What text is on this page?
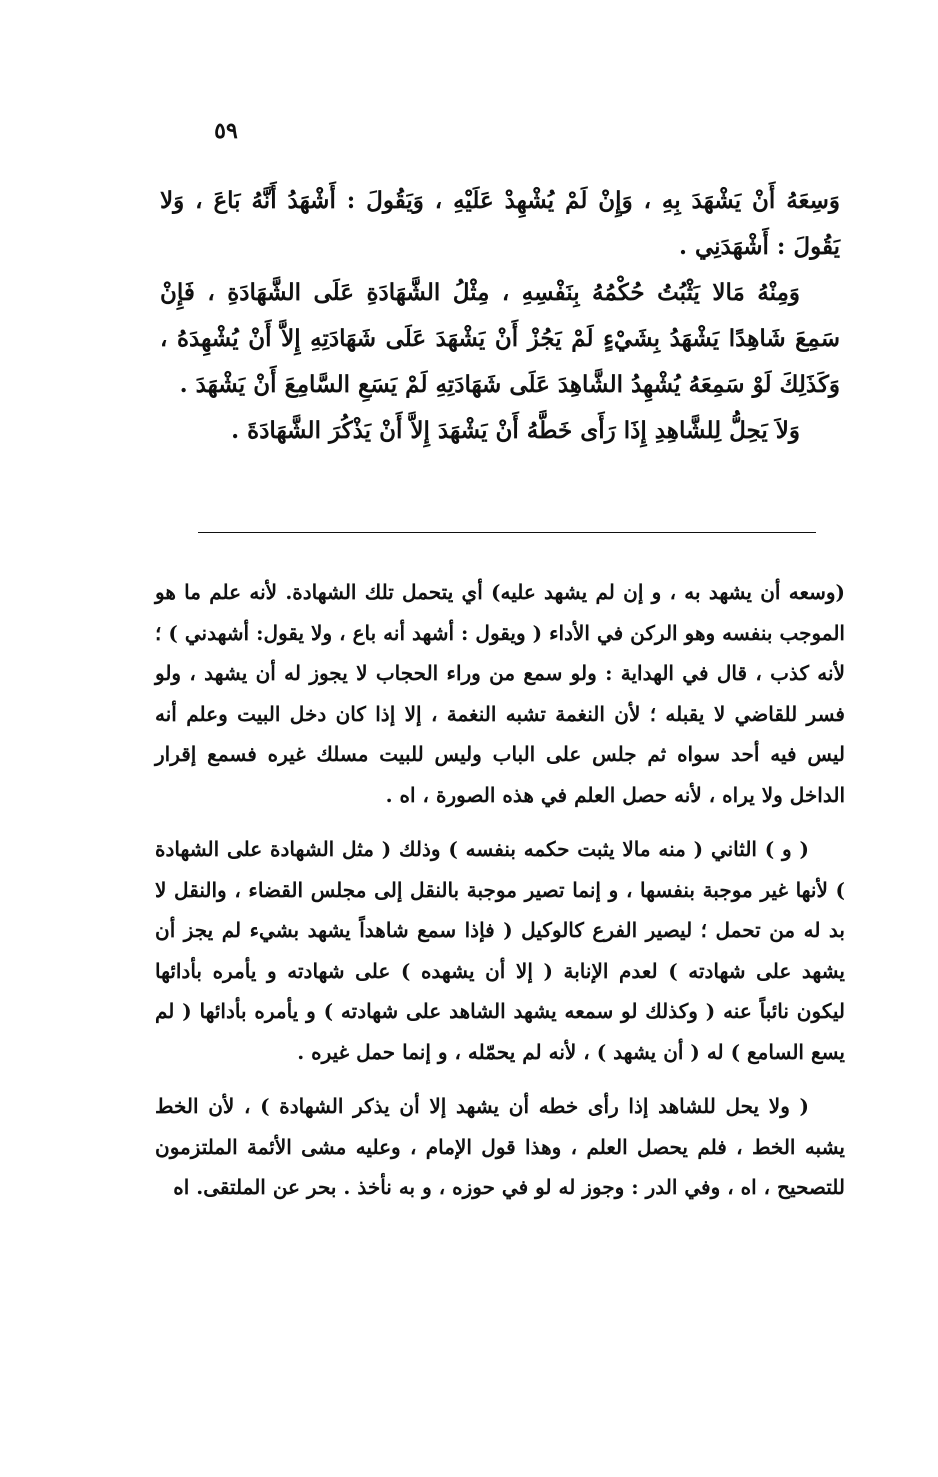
٥٩

وَسِعَهُ أَنْ يَشْهَدَ بِهِ ، وَإِنْ لَمْ يُشْهِدْ عَلَيْهِ ، وَيَقُولَ : أَشْهَدُ أَنَّهُ بَاعَ ، وَلا يَقُولَ : أَشْهَدَنِي .

وَمِنْهُ مَالا يَثْبُتُ حُكْمُهُ بِنَفْسِهِ ، مِثْلُ الشَّهَادَةِ عَلَى الشَّهَادَةِ ، فَإِنْ سَمِعَ شَاهِدًا يَشْهَدُ بِشَيْءٍ لَمْ يَجُزْ أَنْ يَشْهَدَ عَلَى شَهَادَتِهِ إِلاَّ أَنْ يُشْهِدَهُ ، وَكَذَلِكَ لَوْ سَمِعَهُ يُشْهِدُ الشَّاهِدَ عَلَى شَهَادَتِهِ لَمْ يَسَعِ السَّامِعَ أَنْ يَشْهَدَ .

وَلاَ يَحِلُّ لِلشَّاهِدِ إِذَا رَأَى خَطَّهُ أَنْ يَشْهَدَ إِلاَّ أَنْ يَذْكُرَ الشَّهَادَةَ .

(وسعه أن يشهد به ، و إن لم يشهد عليه) أي يتحمل تلك الشهادة. لأنه علم ما هو الموجب بنفسه وهو الركن في الأداء ( ويقول : أشهد أنه باع ، ولا يقول: أشهدني ) ؛ لأنه كذب ، قال في الهداية : ولو سمع من وراء الحجاب لا يجوز له أن يشهد ، ولو فسر للقاضي لا يقبله ؛ لأن النغمة تشبه النغمة ، إلا إذا كان دخل البيت وعلم أنه ليس فيه أحد سواه ثم جلس على الباب وليس للبيت مسلك غيره فسمع إقرار الداخل ولا يراه ، لأنه حصل العلم في هذه الصورة ، اه .

( و ) الثاني ( منه مالا يثبت حكمه بنفسه ) وذلك ( مثل الشهادة على الشهادة ) لأنها غير موجبة بنفسها ، و إنما تصير موجبة بالنقل إلى مجلس القضاء ، والنقل لا بد له من تحمل ؛ ليصير الفرع كالوكيل ( فإذا سمع شاهداً يشهد بشيء لم يجز أن يشهد على شهادته ) لعدم الإنابة ( إلا أن يشهده ) على شهادته و يأمره بأدائها ليكون نائباً عنه ( وكذلك لو سمعه يشهد الشاهد على شهادته ) و يأمره بأدائها ( لم يسع السامع ) له ( أن يشهد ) ، لأنه لم يحمّله ، و إنما حمل غيره .

( ولا يحل للشاهد إذا رأى خطه أن يشهد إلا أن يذكر الشهادة ) ، لأن الخط يشبه الخط ، فلم يحصل العلم ، وهذا قول الإمام ، وعليه مشى الأئمة الملتزمون للتصحيح ، اه ، وفي الدر : وجوز له لو في حوزه ، و به نأخذ . بحر عن الملتقى. اه
